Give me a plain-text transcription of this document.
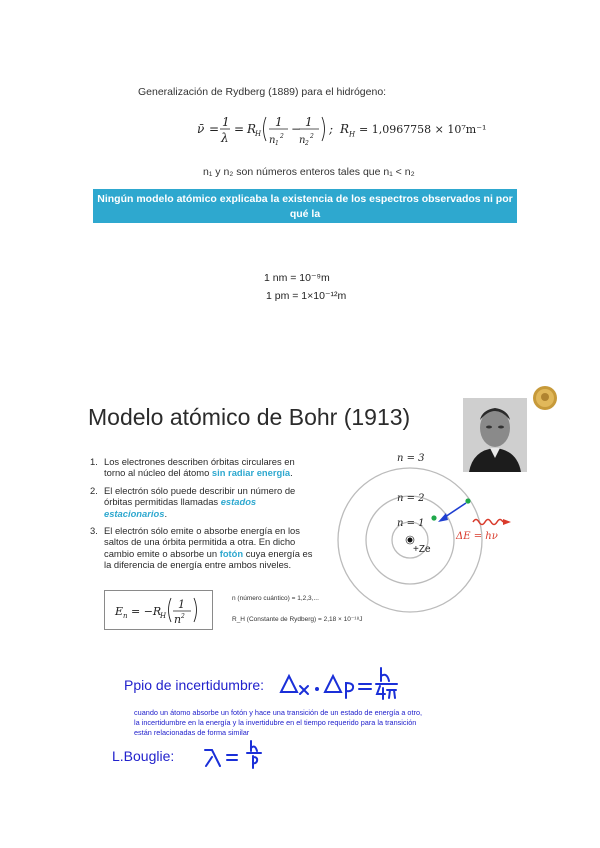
Generalización de Rydberg (1889) para el hidrógeno:
ν̄ = 1
λ
= R
H
1
n 1
2
− 1
n 2
2
; $R_H = 1,0967758 \times 10^7m^{-1}$
n₁ y n₂ son números enteros tales que n₁ < n₂
Ningún modelo atómico explicaba la existencia de los espectros observados ni por qué la
fórmula de Rydberg funcionaba tan bien
1 nm = 10⁻⁹m
1 pm = 1×10⁻¹²m
Modelo atómico de Bohr (1913)
1. Los electrones describen órbitas circulares en torno al núcleo del átomo sin radiar energía.
2. El electrón sólo puede describir un número de órbitas permitidas llamadas estados estacionarios.
3. El electrón sólo emite o absorbe energía en los saltos de una órbita permitida a otra. En dicho cambio emite o absorbe un fotón cuya energía es la diferencia de energía entre ambos niveles.
E n = −R
H
1
n 2
n (número cuántico) = 1,2,3,...
R_H (Constante de Rydberg) = 2,18 × 10⁻¹⁸J
n = 3
n = 2
n = 1
+Ze
ΔE = hν
Ppio de incertidumbre:
cuando un átomo absorbe un fotón y hace una transición de un estado de energía a otro,
la incertidumbre en la energía y la invertidubre en el tiempo requerido para la transición
están relacionadas de forma similar
L.Bouglie:
